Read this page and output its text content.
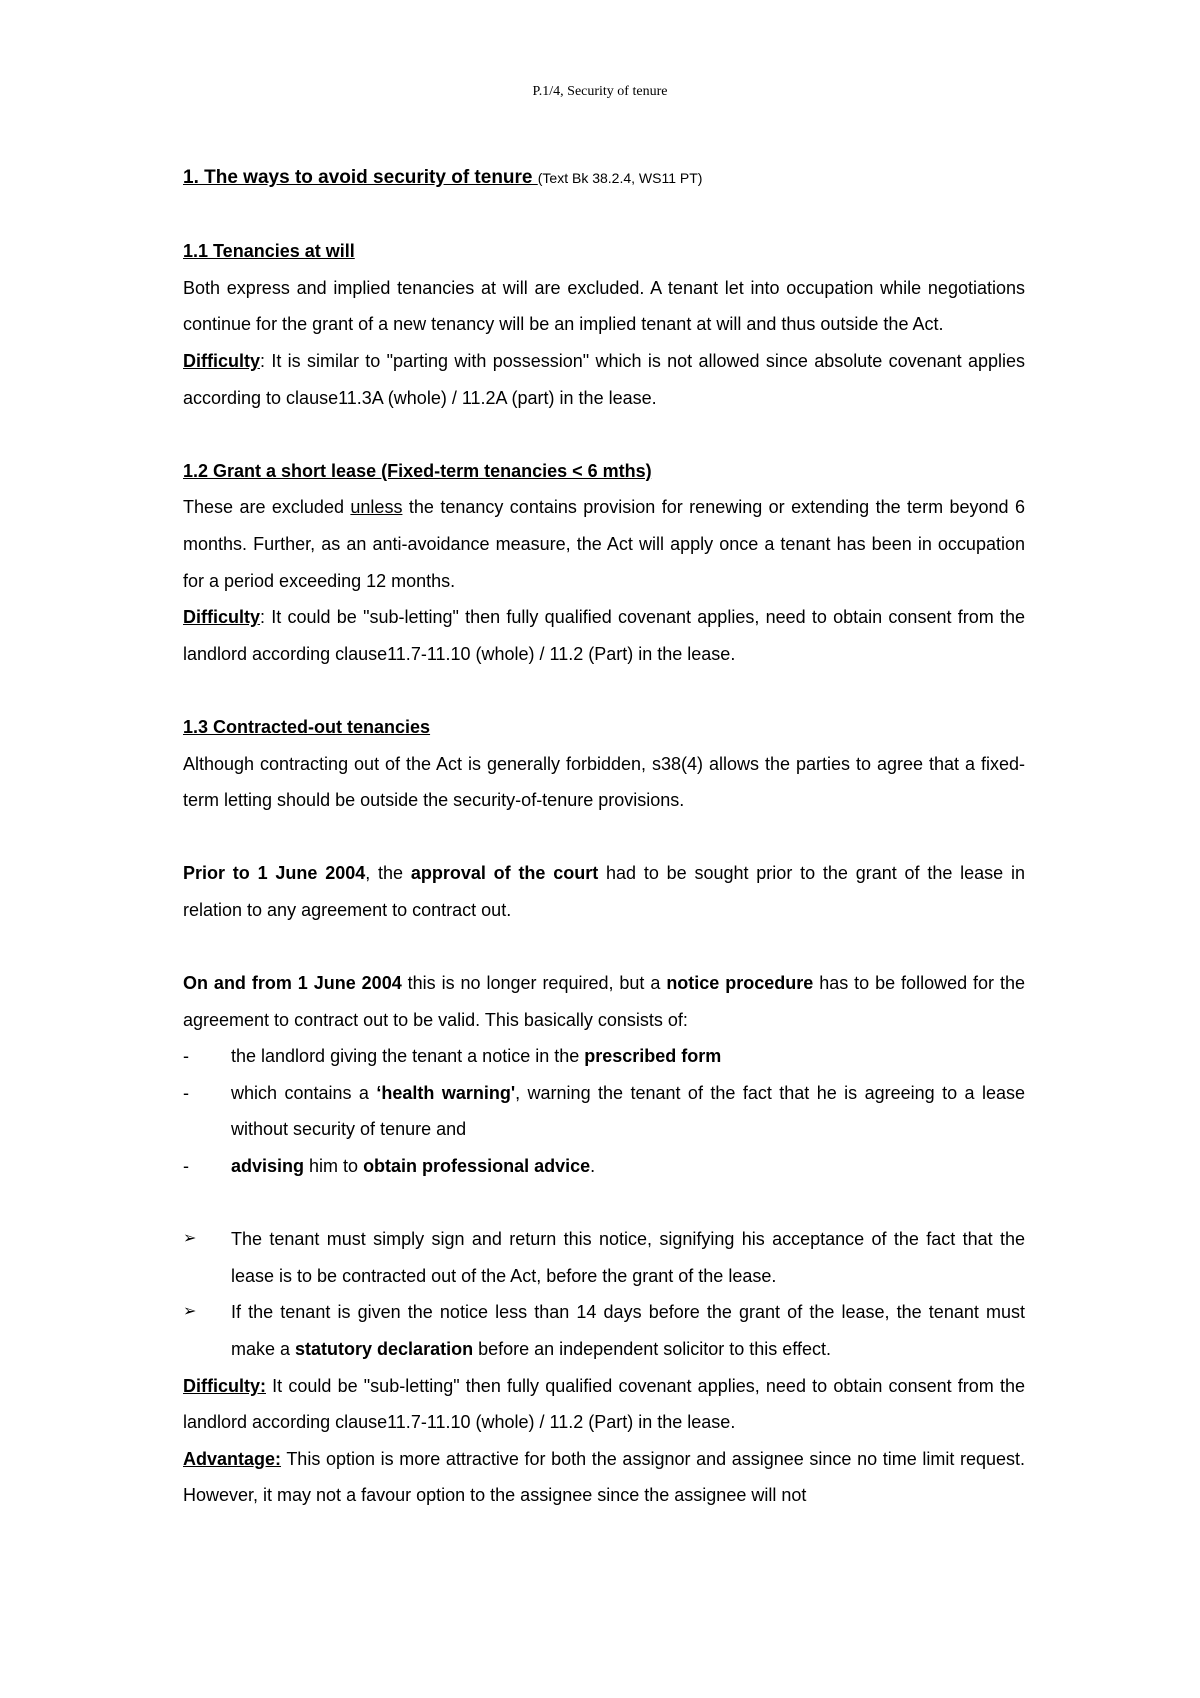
P.1/4, Security of tenure

1. The ways to avoid security of tenure (Text Bk 38.2.4, WS11 PT)

1.1 Tenancies at will

Both express and implied tenancies at will are excluded. A tenant let into occupation while negotiations continue for the grant of a new tenancy will be an implied tenant at will and thus outside the Act.

Difficulty: It is similar to "parting with possession" which is not allowed since absolute covenant applies according to clause11.3A (whole) / 11.2A (part) in the lease.

1.2 Grant a short lease (Fixed-term tenancies < 6 mths)

These are excluded unless the tenancy contains provision for renewing or extending the term beyond 6 months. Further, as an anti-avoidance measure, the Act will apply once a tenant has been in occupation for a period exceeding 12 months.

Difficulty: It could be "sub-letting" then fully qualified covenant applies, need to obtain consent from the landlord according clause11.7-11.10 (whole) / 11.2 (Part) in the lease.

1.3 Contracted-out tenancies

Although contracting out of the Act is generally forbidden, s38(4) allows the parties to agree that a fixed-term letting should be outside the security-of-tenure provisions.

Prior to 1 June 2004, the approval of the court had to be sought prior to the grant of the lease in relation to any agreement to contract out.

On and from 1 June 2004 this is no longer required, but a notice procedure has to be followed for the agreement to contract out to be valid. This basically consists of:

-	the landlord giving the tenant a notice in the prescribed form
-	which contains a ‘health warning', warning the tenant of the fact that he is agreeing to a lease without security of tenure and
-	advising him to obtain professional advice.
➢	The tenant must simply sign and return this notice, signifying his acceptance of the fact that the lease is to be contracted out of the Act, before the grant of the lease.
➢	If the tenant is given the notice less than 14 days before the grant of the lease, the tenant must make a statutory declaration before an independent solicitor to this effect.

Difficulty: It could be "sub-letting" then fully qualified covenant applies, need to obtain consent from the landlord according clause11.7-11.10 (whole) / 11.2 (Part) in the lease.

Advantage: This option is more attractive for both the assignor and assignee since no time limit request. However, it may not a favour option to the assignee since the assignee will not
